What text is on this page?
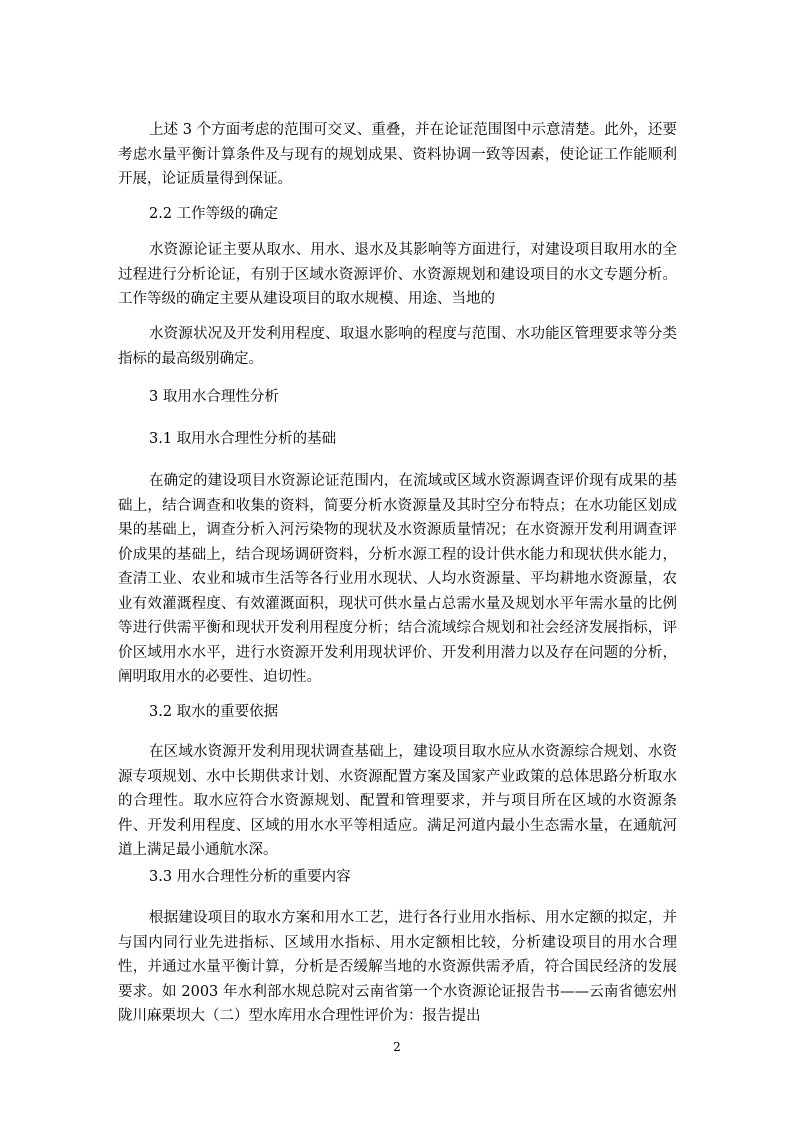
上述 3 个方面考虑的范围可交叉、重叠，并在论证范围图中示意清楚。此外，还要考虑水量平衡计算条件及与现有的规划成果、资料协调一致等因素，使论证工作能顺利开展，论证质量得到保证。

2.2 工作等级的确定

水资源论证主要从取水、用水、退水及其影响等方面进行，对建设项目取用水的全过程进行分析论证，有别于区域水资源评价、水资源规划和建设项目的水文专题分析。工作等级的确定主要从建设项目的取水规模、用途、当地的

水资源状况及开发利用程度、取退水影响的程度与范围、水功能区管理要求等分类指标的最高级别确定。

3 取用水合理性分析

3.1 取用水合理性分析的基础

在确定的建设项目水资源论证范围内，在流域或区域水资源调查评价现有成果的基础上，结合调查和收集的资料，简要分析水资源量及其时空分布特点；在水功能区划成果的基础上，调查分析入河污染物的现状及水资源质量情况；在水资源开发利用调查评价成果的基础上，结合现场调研资料，分析水源工程的设计供水能力和现状供水能力，查清工业、农业和城市生活等各行业用水现状、人均水资源量、平均耕地水资源量，农业有效灌溉程度、有效灌溉面积，现状可供水量占总需水量及规划水平年需水量的比例等进行供需平衡和现状开发利用程度分析；结合流域综合规划和社会经济发展指标，评价区域用水水平，进行水资源开发利用现状评价、开发利用潜力以及存在问题的分析，阐明取用水的必要性、迫切性。

3.2 取水的重要依据

在区域水资源开发利用现状调查基础上，建设项目取水应从水资源综合规划、水资源专项规划、水中长期供求计划、水资源配置方案及国家产业政策的总体思路分析取水的合理性。取水应符合水资源规划、配置和管理要求，并与项目所在区域的水资源条件、开发利用程度、区域的用水水平等相适应。满足河道内最小生态需水量，在通航河道上满足最小通航水深。

3.3 用水合理性分析的重要内容

根据建设项目的取水方案和用水工艺，进行各行业用水指标、用水定额的拟定，并与国内同行业先进指标、区域用水指标、用水定额相比较，分析建设项目的用水合理性，并通过水量平衡计算，分析是否缓解当地的水资源供需矛盾，符合国民经济的发展要求。如 2003 年水利部水规总院对云南省第一个水资源论证报告书——云南省德宏州陇川麻栗坝大（二）型水库用水合理性评价为：报告提出

2
